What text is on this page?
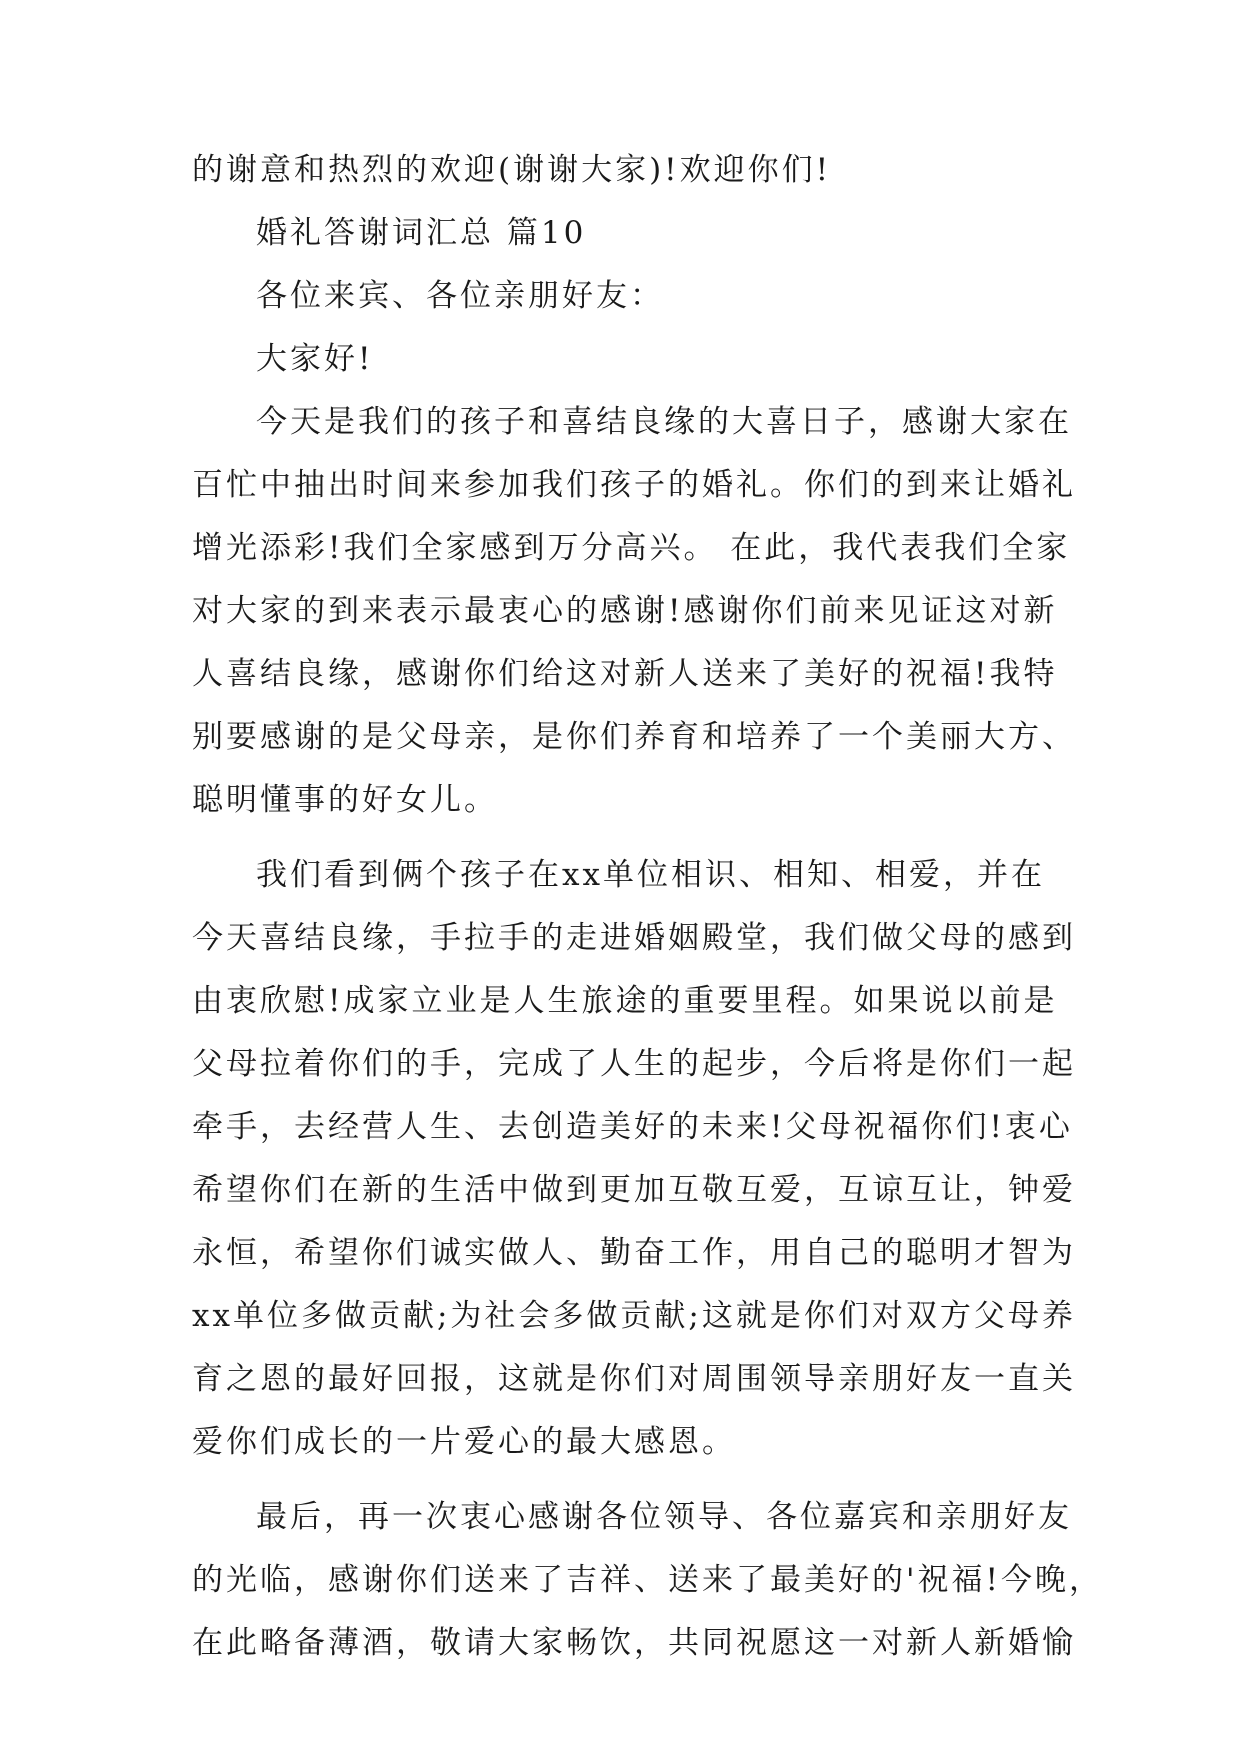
的谢意和热烈的欢迎(谢谢大家)!欢迎你们!
婚礼答谢词汇总 篇10
各位来宾、各位亲朋好友：
大家好!
今天是我们的孩子和喜结良缘的大喜日子，感谢大家在
百忙中抽出时间来参加我们孩子的婚礼。你们的到来让婚礼
增光添彩!我们全家感到万分高兴。 在此，我代表我们全家
对大家的到来表示最衷心的感谢!感谢你们前来见证这对新
人喜结良缘，感谢你们给这对新人送来了美好的祝福!我特
别要感谢的是父母亲，是你们养育和培养了一个美丽大方、
聪明懂事的好女儿。
我们看到俩个孩子在xx单位相识、相知、相爱，并在
今天喜结良缘，手拉手的走进婚姻殿堂，我们做父母的感到
由衷欣慰!成家立业是人生旅途的重要里程。如果说以前是
父母拉着你们的手，完成了人生的起步，今后将是你们一起
牵手，去经营人生、去创造美好的未来!父母祝福你们!衷心
希望你们在新的生活中做到更加互敬互爱，互谅互让，钟爱
永恒，希望你们诚实做人、勤奋工作，用自己的聪明才智为
xx单位多做贡献;为社会多做贡献;这就是你们对双方父母养
育之恩的最好回报，这就是你们对周围领导亲朋好友一直关
爱你们成长的一片爱心的最大感恩。
最后，再一次衷心感谢各位领导、各位嘉宾和亲朋好友
的光临，感谢你们送来了吉祥、送来了最美好的'祝福!今晚，
在此略备薄酒，敬请大家畅饮，共同祝愿这一对新人新婚愉
